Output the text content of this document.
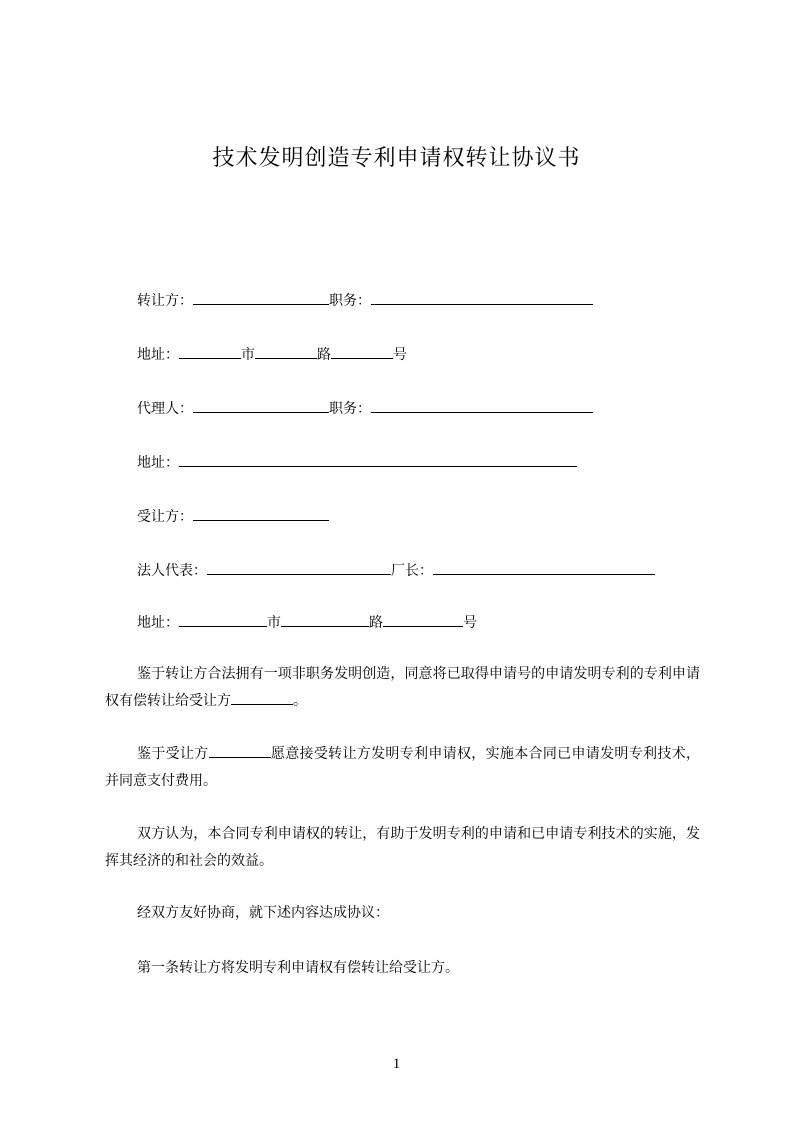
技术发明创造专利申请权转让协议书
转让方：	职务：
地址：	市	路	号
代理人：	职务：
地址：
受让方：
法人代表：	厂长：
地址：	市	路	号

鉴于转让方合法拥有一项非职务发明创造，同意将已取得申请号的申请发明专利的专利申请权有偿转让给受让方	。

鉴于受让方	愿意接受转让方发明专利申请权，实施本合同已申请发明专利技术，并同意支付费用。

双方认为，本合同专利申请权的转让，有助于发明专利的申请和已申请专利技术的实施，发挥其经济的和社会的效益。

经双方友好协商，就下述内容达成协议：

第一条转让方将发明专利申请权有偿转让给受让方。

1
